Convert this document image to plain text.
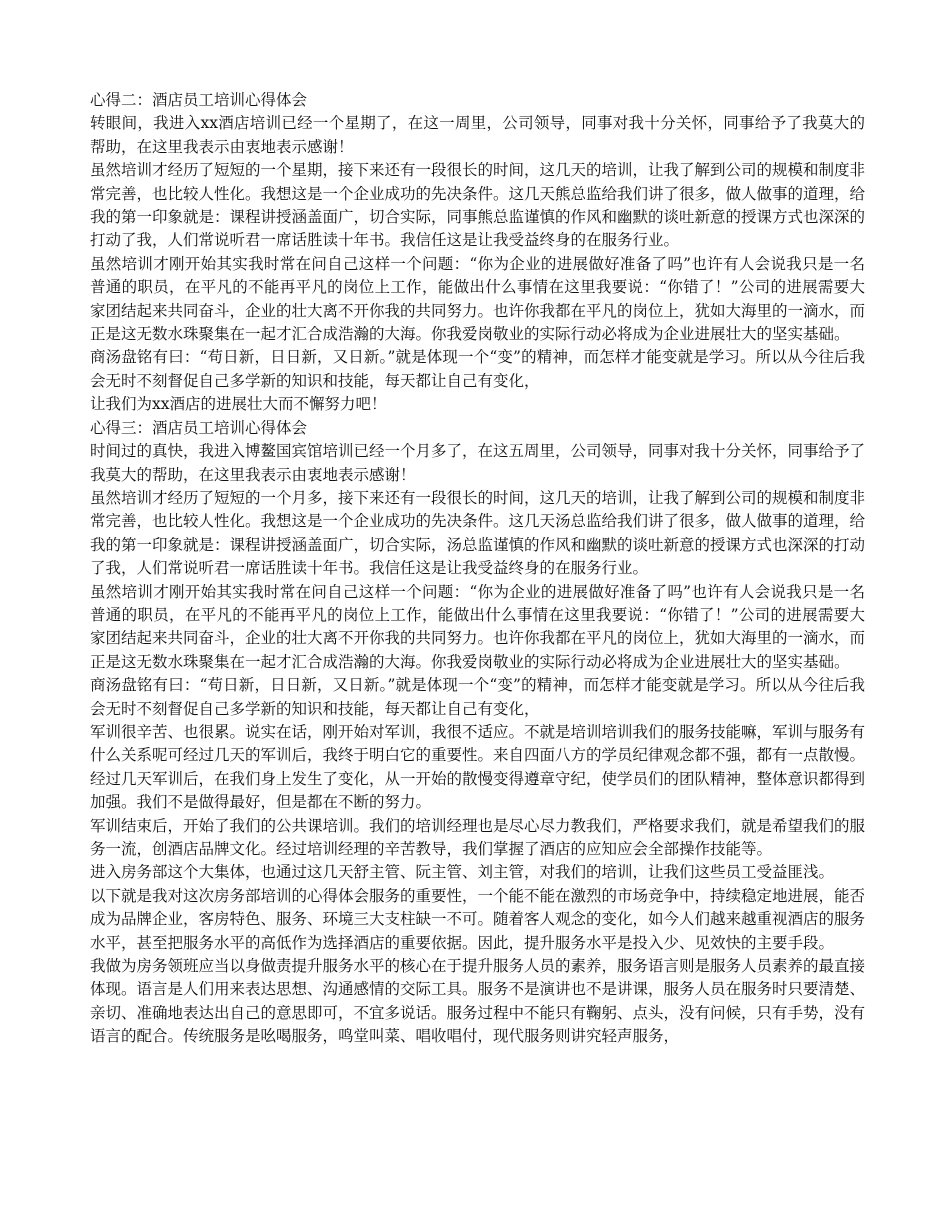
心得二：酒店员工培训心得体会

转眼间，我进入xx酒店培训已经一个星期了，在这一周里，公司领导，同事对我十分关怀，同事给予了我莫大的帮助，在这里我表示由衷地表示感谢！

虽然培训才经历了短短的一个星期，接下来还有一段很长的时间，这几天的培训，让我了解到公司的规模和制度非常完善，也比较人性化。我想这是一个企业成功的先决条件。这几天熊总监给我们讲了很多，做人做事的道理，给我的第一印象就是：课程讲授涵盖面广，切合实际，同事熊总监谨慎的作风和幽默的谈吐新意的授课方式也深深的打动了我，人们常说听君一席话胜读十年书。我信任这是让我受益终身的在服务行业。

虽然培训才刚开始其实我时常在问自己这样一个问题：“你为企业的进展做好准备了吗”也许有人会说我只是一名普通的职员，在平凡的不能再平凡的岗位上工作，能做出什么事情在这里我要说：“你错了！”公司的进展需要大家团结起来共同奋斗，企业的壮大离不开你我的共同努力。也许你我都在平凡的岗位上，犹如大海里的一滴水，而正是这无数水珠聚集在一起才汇合成浩瀚的大海。你我爱岗敬业的实际行动必将成为企业进展壮大的坚实基础。

商汤盘铭有曰：“苟日新，日日新，又日新。”就是体现一个“变”的精神，而怎样才能变就是学习。所以从今往后我会无时不刻督促自己多学新的知识和技能，每天都让自己有变化，

让我们为xx酒店的进展壮大而不懈努力吧！

心得三：酒店员工培训心得体会

时间过的真快，我进入博鳌国宾馆培训已经一个月多了，在这五周里，公司领导，同事对我十分关怀，同事给予了我莫大的帮助，在这里我表示由衷地表示感谢！

虽然培训才经历了短短的一个月多，接下来还有一段很长的时间，这几天的培训，让我了解到公司的规模和制度非常完善，也比较人性化。我想这是一个企业成功的先决条件。这几天汤总监给我们讲了很多，做人做事的道理，给我的第一印象就是：课程讲授涵盖面广，切合实际，汤总监谨慎的作风和幽默的谈吐新意的授课方式也深深的打动了我，人们常说听君一席话胜读十年书。我信任这是让我受益终身的在服务行业。

虽然培训才刚开始其实我时常在问自己这样一个问题：“你为企业的进展做好准备了吗”也许有人会说我只是一名普通的职员，在平凡的不能再平凡的岗位上工作，能做出什么事情在这里我要说：“你错了！”公司的进展需要大家团结起来共同奋斗，企业的壮大离不开你我的共同努力。也许你我都在平凡的岗位上，犹如大海里的一滴水，而正是这无数水珠聚集在一起才汇合成浩瀚的大海。你我爱岗敬业的实际行动必将成为企业进展壮大的坚实基础。

商汤盘铭有曰：“苟日新，日日新，又日新。”就是体现一个“变”的精神，而怎样才能变就是学习。所以从今往后我会无时不刻督促自己多学新的知识和技能，每天都让自己有变化，

军训很辛苦、也很累。说实在话，刚开始对军训，我很不适应。不就是培训培训我们的服务技能嘛，军训与服务有什么关系呢可经过几天的军训后，我终于明白它的重要性。来自四面八方的学员纪律观念都不强，都有一点散慢。经过几天军训后，在我们身上发生了变化，从一开始的散慢变得遵章守纪，使学员们的团队精神，整体意识都得到加强。我们不是做得最好，但是都在不断的努力。

军训结束后，开始了我们的公共课培训。我们的培训经理也是尽心尽力教我们，严格要求我们，就是希望我们的服务一流，创酒店品牌文化。经过培训经理的辛苦教导，我们掌握了酒店的应知应会全部操作技能等。

进入房务部这个大集体，也通过这几天舒主管、阮主管、刘主管，对我们的培训，让我们这些员工受益匪浅。

以下就是我对这次房务部培训的心得体会服务的重要性，一个能不能在激烈的市场竞争中，持续稳定地进展，能否成为品牌企业，客房特色、服务、环境三大支柱缺一不可。随着客人观念的变化，如今人们越来越重视酒店的服务水平，甚至把服务水平的高低作为选择酒店的重要依据。因此，提升服务水平是投入少、见效快的主要手段。

我做为房务领班应当以身做责提升服务水平的核心在于提升服务人员的素养，服务语言则是服务人员素养的最直接体现。语言是人们用来表达思想、沟通感情的交际工具。服务不是演讲也不是讲课，服务人员在服务时只要清楚、亲切、准确地表达出自己的意思即可，不宜多说话。服务过程中不能只有鞠躬、点头，没有问候，只有手势，没有语言的配合。传统服务是吆喝服务，鸣堂叫菜、唱收唱付，现代服务则讲究轻声服务，
